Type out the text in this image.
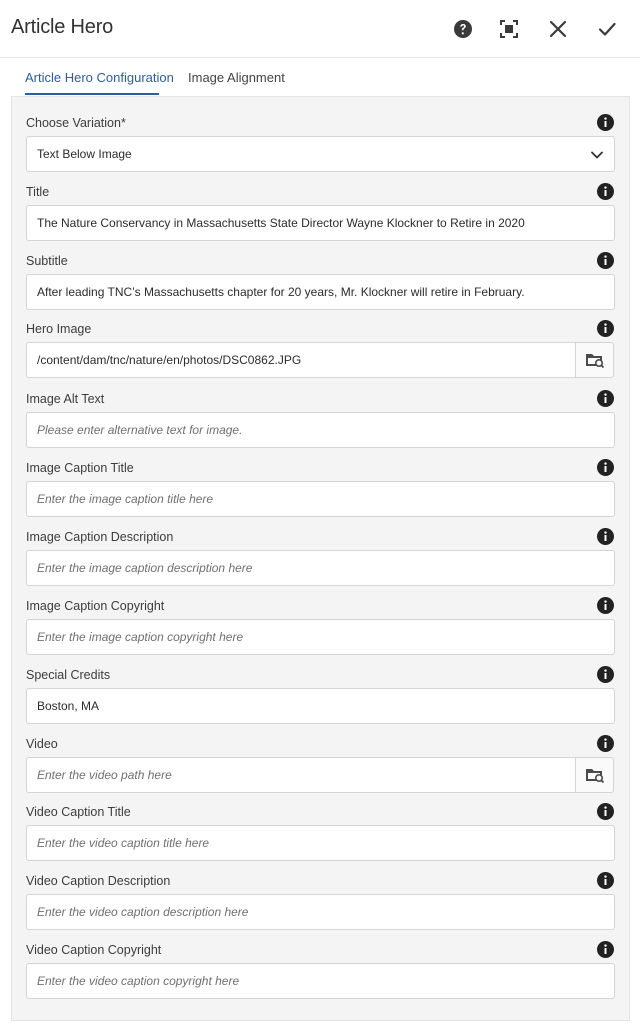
Article Hero
Article Hero Configuration Image Alignment
Choose Variation*
Text Below Image
Title
The Nature Conservancy in Massachusetts State Director Wayne Klockner to Retire in 2020
Subtitle
After leading TNC’s Massachusetts chapter for 20 years, Mr. Klockner will retire in February.
Hero Image
/content/dam/tnc/nature/en/photos/DSC0862.JPG
Image Alt Text
Please enter alternative text for image.
Image Caption Title
Enter the image caption title here
Image Caption Description
Enter the image caption description here
Image Caption Copyright
Enter the image caption copyright here
Special Credits
Boston, MA
Video
Enter the video path here
Video Caption Title
Enter the video caption title here
Video Caption Description
Enter the video caption description here
Video Caption Copyright
Enter the video caption copyright here
